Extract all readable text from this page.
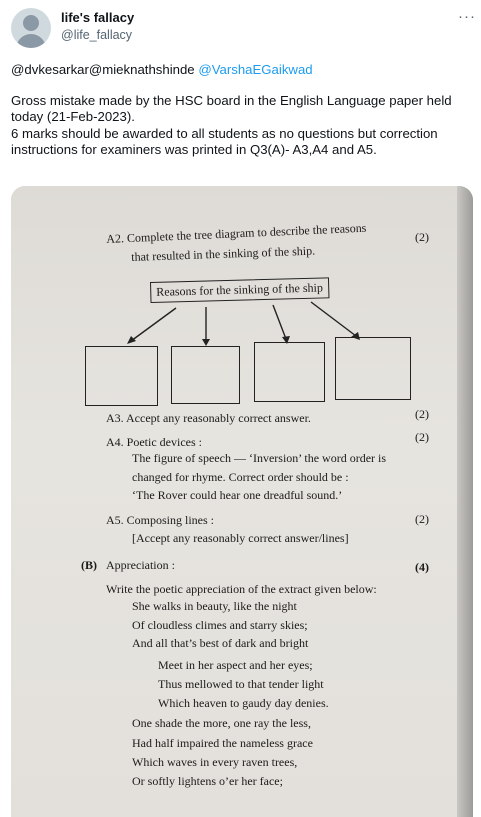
life's fallacy
@life_fallacy
···

@dvkesarkar@mieknathshinde @VarshaEGaikwad

Gross mistake made by the HSC board in the English Language paper held today (21-Feb-2023).

6 marks should be awarded to all students as no questions but correction instructions for examiners was printed in Q3(A)- A3,A4 and A5.

A2. Complete the tree diagram to describe the reasons
that resulted in the sinking of the ship.
(2)
Reasons for the sinking of the ship
A3. Accept any reasonably correct answer.	(2)
A4. Poetic devices :	(2)
The figure of speech — ‘Inversion’ the word order is
changed for rhyme. Correct order should be :
‘The Rover could hear one dreadful sound.’
A5. Composing lines :	(2)
[Accept any reasonably correct answer/lines]
(B) Appreciation :	(4)
Write the poetic appreciation of the extract given below:
She walks in beauty, like the night
Of cloudless climes and starry skies;
And all that’s best of dark and bright
Meet in her aspect and her eyes;
Thus mellowed to that tender light
Which heaven to gaudy day denies.
One shade the more, one ray the less,
Had half impaired the nameless grace
Which waves in every raven trees,
Or softly lightens o’er her face;
